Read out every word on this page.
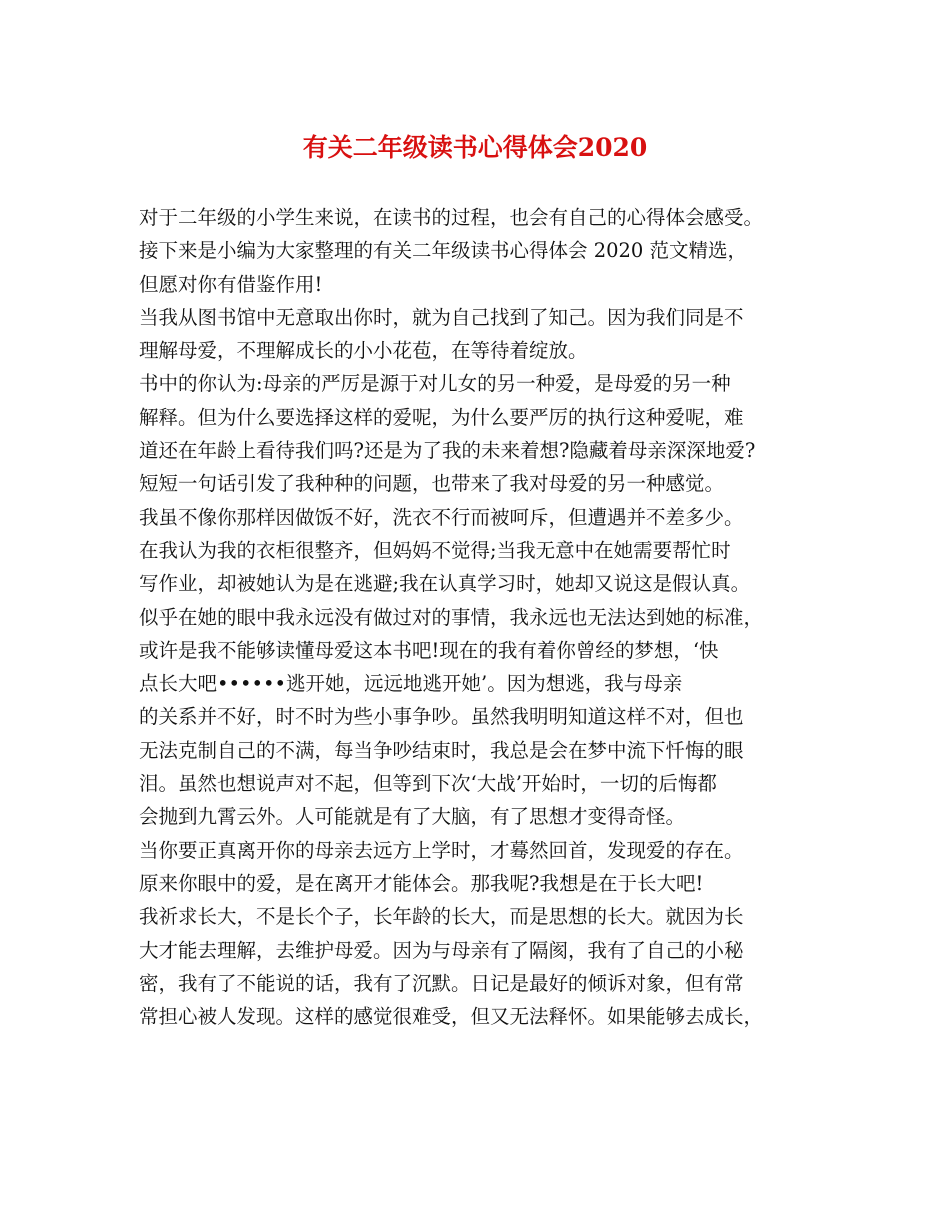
有关二年级读书心得体会2020

对于二年级的小学生来说，在读书的过程，也会有自己的心得体会感受。

接下来是小编为大家整理的有关二年级读书心得体会 2020 范文精选，

但愿对你有借鉴作用!

当我从图书馆中无意取出你时，就为自己找到了知己。因为我们同是不

理解母爱，不理解成长的小小花苞，在等待着绽放。

书中的你认为:母亲的严厉是源于对儿女的另一种爱，是母爱的另一种

解释。但为什么要选择这样的爱呢，为什么要严厉的执行这种爱呢，难

道还在年龄上看待我们吗?还是为了我的未来着想?隐藏着母亲深深地爱?

短短一句话引发了我种种的问题，也带来了我对母爱的另一种感觉。

我虽不像你那样因做饭不好，洗衣不行而被呵斥，但遭遇并不差多少。

在我认为我的衣柜很整齐，但妈妈不觉得;当我无意中在她需要帮忙时

写作业，却被她认为是在逃避;我在认真学习时，她却又说这是假认真。

似乎在她的眼中我永远没有做过对的事情，我永远也无法达到她的标准，

或许是我不能够读懂母爱这本书吧!现在的我有着你曾经的梦想，‘快

点长大吧••••••逃开她，远远地逃开她’。因为想逃，我与母亲

的关系并不好，时不时为些小事争吵。虽然我明明知道这样不对，但也

无法克制自己的不满，每当争吵结束时，我总是会在梦中流下忏悔的眼

泪。虽然也想说声对不起，但等到下次‘大战’开始时，一切的后悔都

会抛到九霄云外。人可能就是有了大脑，有了思想才变得奇怪。

当你要正真离开你的母亲去远方上学时，才蓦然回首，发现爱的存在。

原来你眼中的爱，是在离开才能体会。那我呢?我想是在于长大吧!

我祈求长大，不是长个子，长年龄的长大，而是思想的长大。就因为长

大才能去理解，去维护母爱。因为与母亲有了隔阂，我有了自己的小秘

密，我有了不能说的话，我有了沉默。日记是最好的倾诉对象，但有常

常担心被人发现。这样的感觉很难受，但又无法释怀。如果能够去成长，
